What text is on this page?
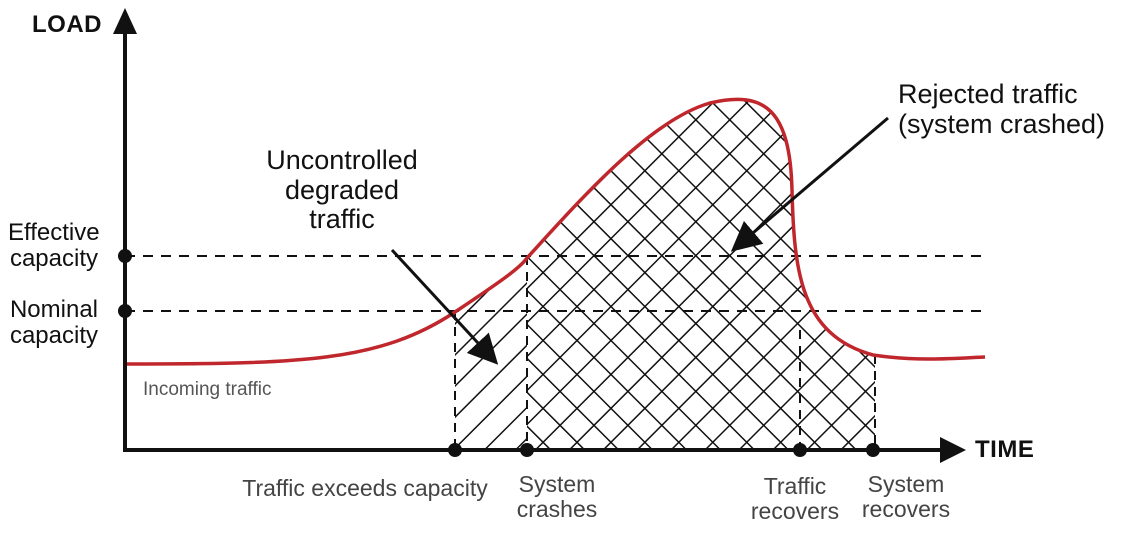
LOAD
TIME
Effective
capacity
Nominal
capacity
Incoming traffic
Uncontrolled
degraded
traffic
Rejected traffic
(system crashed)
Traffic exceeds capacity	System
crashes
Traffic
recovers
System
recovers
